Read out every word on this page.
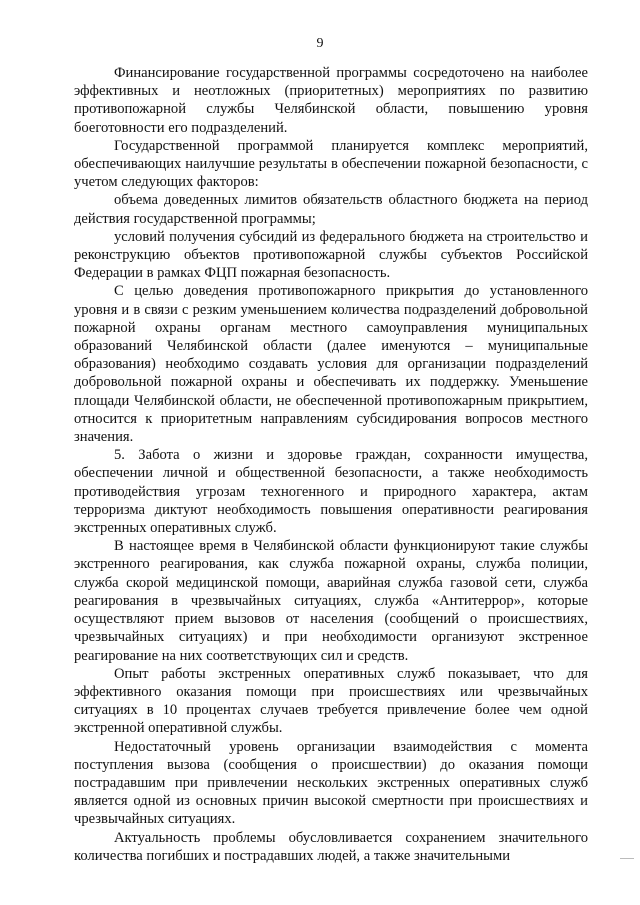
9

Финансирование государственной программы сосредоточено на наиболее эффективных и неотложных (приоритетных) мероприятиях по развитию противопожарной службы Челябинской области, повышению уровня боеготовности его подразделений.

Государственной программой планируется комплекс мероприятий, обеспечивающих наилучшие результаты в обеспечении пожарной безопасности, с учетом следующих факторов:

объема доведенных лимитов обязательств областного бюджета на период действия государственной программы;

условий получения субсидий из федерального бюджета на строительство и реконструкцию объектов противопожарной службы субъектов Российской Федерации в рамках ФЦП пожарная безопасность.

С целью доведения противопожарного прикрытия до установленного уровня и в связи с резким уменьшением количества подразделений добровольной пожарной охраны органам местного самоуправления муниципальных образований Челябинской области (далее именуются – муниципальные образования) необходимо создавать условия для организации подразделений добровольной пожарной охраны и обеспечивать их поддержку. Уменьшение площади Челябинской области, не обеспеченной противопожарным прикрытием, относится к приоритетным направлениям субсидирования вопросов местного значения.

5. Забота о жизни и здоровье граждан, сохранности имущества, обеспечении личной и общественной безопасности, а также необходимость противодействия угрозам техногенного и природного характера, актам терроризма диктуют необходимость повышения оперативности реагирования экстренных оперативных служб.

В настоящее время в Челябинской области функционируют такие службы экстренного реагирования, как служба пожарной охраны, служба полиции, служба скорой медицинской помощи, аварийная служба газовой сети, служба реагирования в чрезвычайных ситуациях, служба «Антитеррор», которые осуществляют прием вызовов от населения (сообщений о происшествиях, чрезвычайных ситуациях) и при необходимости организуют экстренное реагирование на них соответствующих сил и средств.

Опыт работы экстренных оперативных служб показывает, что для эффективного оказания помощи при происшествиях или чрезвычайных ситуациях в 10 процентах случаев требуется привлечение более чем одной экстренной оперативной службы.

Недостаточный уровень организации взаимодействия с момента поступления вызова (сообщения о происшествии) до оказания помощи пострадавшим при привлечении нескольких экстренных оперативных служб является одной из основных причин высокой смертности при происшествиях и чрезвычайных ситуациях.

Актуальность проблемы обусловливается сохранением значительного количества погибших и пострадавших людей, а также значительными
